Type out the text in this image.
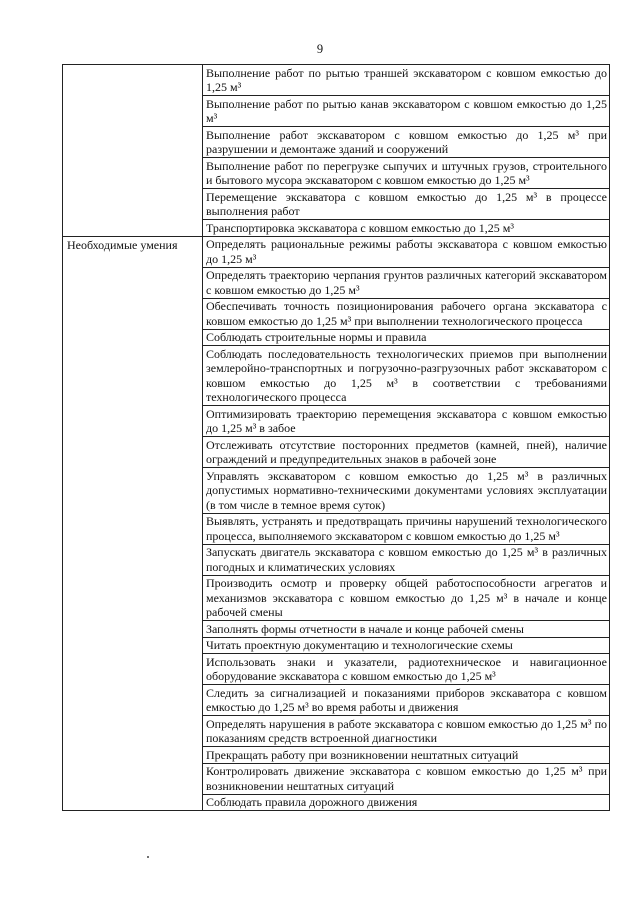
9
	Выполнение работ по рытью траншей экскаватором с ковшом емкостью до 1,25 м³
	Выполнение работ по рытью канав экскаватором с ковшом емкостью до 1,25 м³
	Выполнение работ экскаватором с ковшом емкостью до 1,25 м³ при разрушении и демонтаже зданий и сооружений
	Выполнение работ по перегрузке сыпучих и штучных грузов, строительного и бытового мусора экскаватором с ковшом емкостью до 1,25 м³
	Перемещение экскаватора с ковшом емкостью до 1,25 м³ в процессе выполнения работ
	Транспортировка экскаватора с ковшом емкостью до 1,25 м³
Необходимые умения	Определять рациональные режимы работы экскаватора с ковшом емкостью до 1,25 м³
	Определять траекторию черпания грунтов различных категорий экскаватором с ковшом емкостью до 1,25 м³
	Обеспечивать точность позиционирования рабочего органа экскаватора с ковшом емкостью до 1,25 м³ при выполнении технологического процесса
	Соблюдать строительные нормы и правила
	Соблюдать последовательность технологических приемов при выполнении землеройно-транспортных и погрузочно-разгрузочных работ экскаватором с ковшом емкостью до 1,25 м³ в соответствии с требованиями технологического процесса
	Оптимизировать траекторию перемещения экскаватора с ковшом емкостью до 1,25 м³ в забое
	Отслеживать отсутствие посторонних предметов (камней, пней), наличие ограждений и предупредительных знаков в рабочей зоне
	Управлять экскаватором с ковшом емкостью до 1,25 м³ в различных допустимых нормативно-техническими документами условиях эксплуатации (в том числе в темное время суток)
	Выявлять, устранять и предотвращать причины нарушений технологического процесса, выполняемого экскаватором с ковшом емкостью до 1,25 м³
	Запускать двигатель экскаватора с ковшом емкостью до 1,25 м³ в различных погодных и климатических условиях
	Производить осмотр и проверку общей работоспособности агрегатов и механизмов экскаватора с ковшом емкостью до 1,25 м³ в начале и конце рабочей смены
	Заполнять формы отчетности в начале и конце рабочей смены
	Читать проектную документацию и технологические схемы
	Использовать знаки и указатели, радиотехническое и навигационное оборудование экскаватора с ковшом емкостью до 1,25 м³
	Следить за сигнализацией и показаниями приборов экскаватора с ковшом емкостью до 1,25 м³ во время работы и движения
	Определять нарушения в работе экскаватора с ковшом емкостью до 1,25 м³ по показаниям средств встроенной диагностики
	Прекращать работу при возникновении нештатных ситуаций
	Контролировать движение экскаватора с ковшом емкостью до 1,25 м³ при возникновении нештатных ситуаций
	Соблюдать правила дорожного движения
